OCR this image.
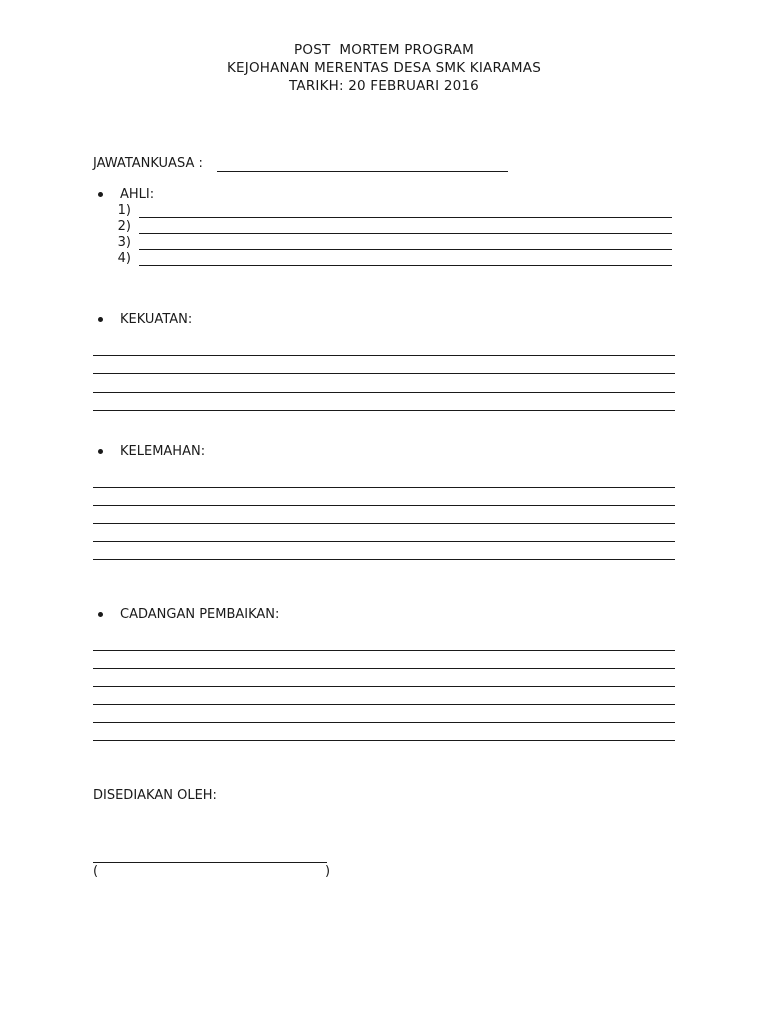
POST  MORTEM PROGRAM
KEJOHANAN MERENTAS DESA SMK KIARAMAS
TARIKH: 20 FEBRUARI 2016
JAWATANKUASA :
AHLI:
1)
2)
3)
4)
KEKUATAN:
KELEMAHAN:
CADANGAN PEMBAIKAN:
DISEDIAKAN OLEH:
(	)
